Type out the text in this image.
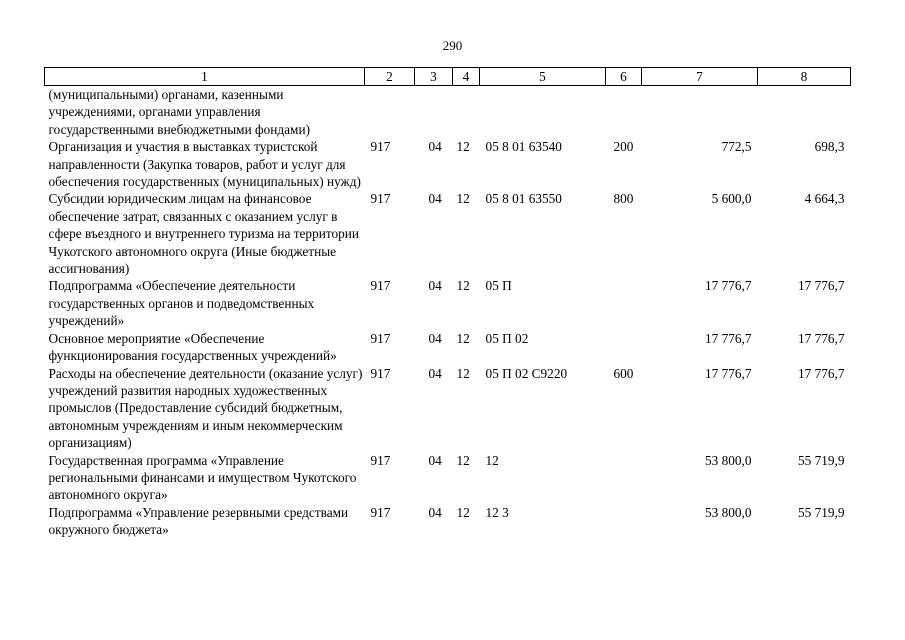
290
1	2	3	4	5	6	7	8
(муниципальными) органами, казенными учреждениями, органами управления государственными внебюджетными фондами)							
Организация и участия в выставках туристской направленности (Закупка товаров, работ и услуг для обеспечения государственных (муниципальных) нужд)	917	04	12	05 8 01 63540	200	772,5	698,3
Субсидии юридическим лицам на финансовое обеспечение затрат, связанных с оказанием услуг в сфере въездного и внутреннего туризма на территории Чукотского автономного округа (Иные бюджетные ассигнования)	917	04	12	05 8 01 63550	800	5 600,0	4 664,3
Подпрограмма «Обеспечение деятельности государственных органов и подведомственных учреждений»	917	04	12	05 П		17 776,7	17 776,7
Основное мероприятие «Обеспечение функционирования государственных учреждений»	917	04	12	05 П 02		17 776,7	17 776,7
Расходы на обеспечение деятельности (оказание услуг) учреждений развития народных художественных промыслов (Предоставление субсидий бюджетным, автономным учреждениям и иным некоммерческим организациям)	917	04	12	05 П 02 С9220	600	17 776,7	17 776,7
Государственная программа «Управление региональными финансами и имуществом Чукотского автономного округа»	917	04	12	12		53 800,0	55 719,9
Подпрограмма «Управление резервными средствами окружного бюджета»	917	04	12	12 3		53 800,0	55 719,9
